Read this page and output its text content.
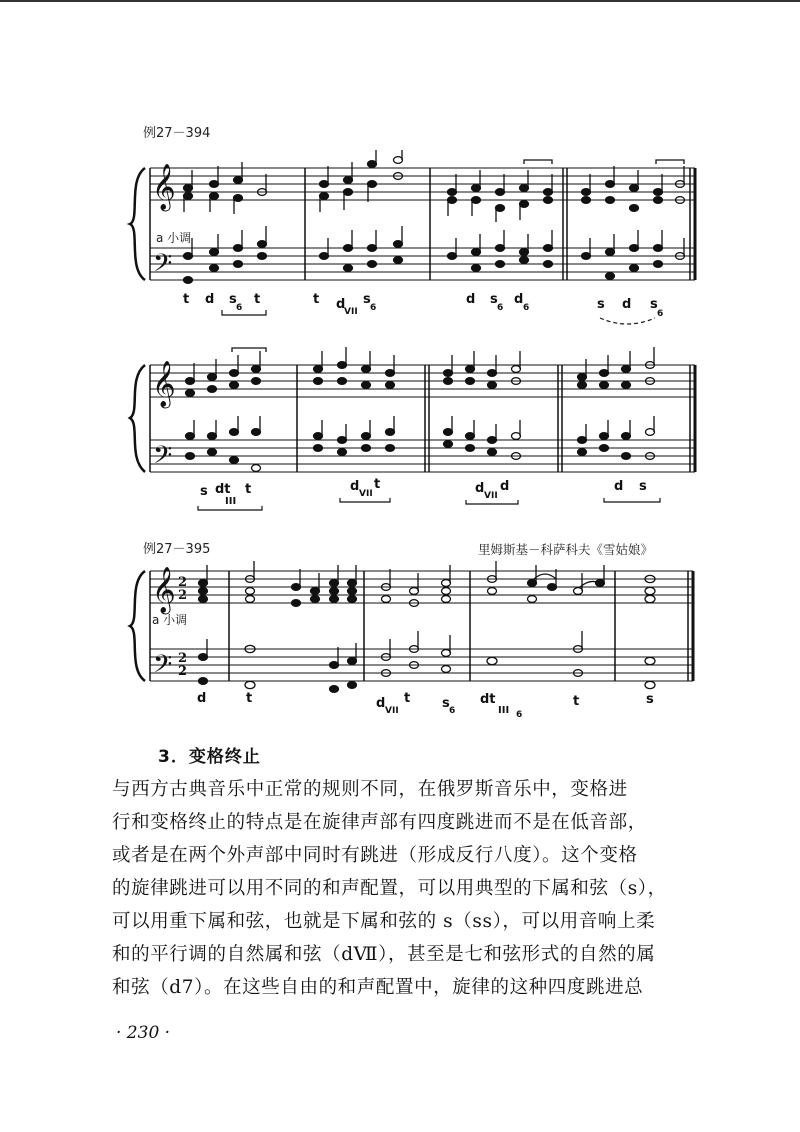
例27－394
a 小调
𝄞
𝄢
𝄞
𝄢
t d s
6
t	t d
VII
s
6
d s
6
d
6	s d s
6
s dt t
III
d VII
t	d VII
d	d s
例27－395	里姆斯基－科萨科夫《雪姑娘》
a 小调
𝄞
𝄢
2
2
2
2
d	t	d VII
t s 6
dt
III 6
t	s
3．变格终止
与西方古典音乐中正常的规则不同，在俄罗斯音乐中，变格进
行和变格终止的特点是在旋律声部有四度跳进而不是在低音部，
或者是在两个外声部中同时有跳进（形成反行八度）。这个变格
的旋律跳进可以用不同的和声配置，可以用典型的下属和弦（s），
可以用重下属和弦，也就是下属和弦的 s（ss），可以用音响上柔
和的平行调的自然属和弦（dⅦ），甚至是七和弦形式的自然的属
和弦（d7）。在这些自由的和声配置中，旋律的这种四度跳进总
· 230 ·
